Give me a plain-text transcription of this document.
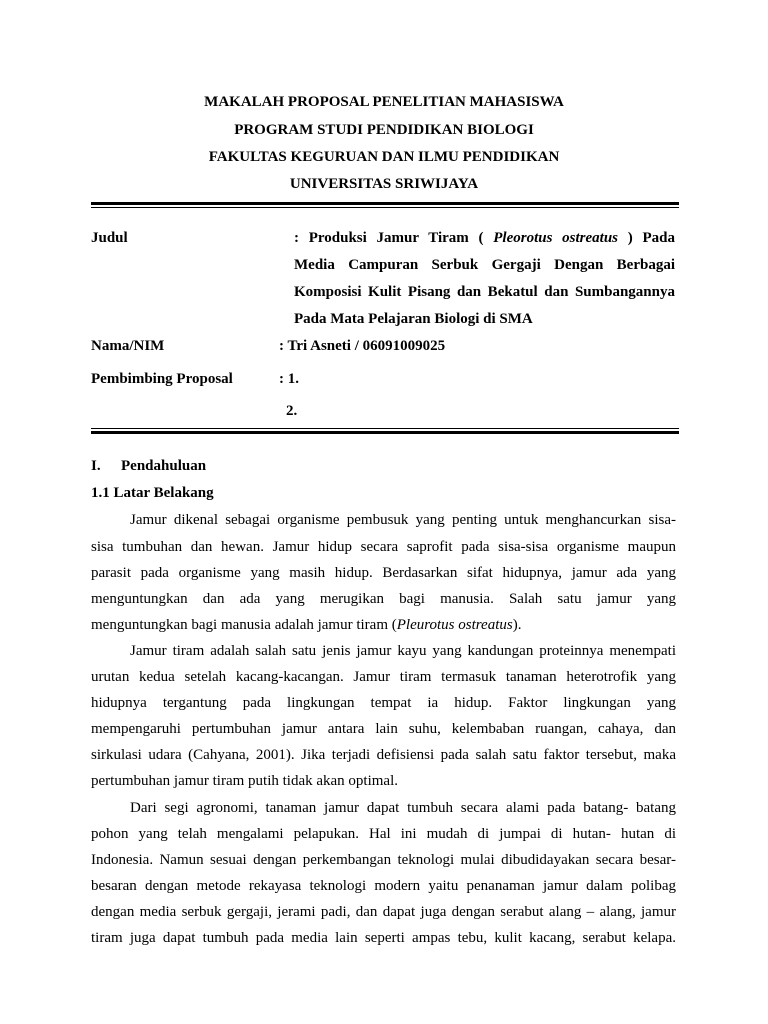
MAKALAH PROPOSAL PENELITIAN MAHASISWA
PROGRAM STUDI PENDIDIKAN BIOLOGI
FAKULTAS KEGURUAN DAN ILMU PENDIDIKAN
UNIVERSITAS SRIWIJAYA
Judul	: Produksi Jamur Tiram ( Pleorotus ostreatus ) Pada
Media Campuran Serbuk Gergaji Dengan Berbagai
Komposisi Kulit Pisang dan Bekatul dan Sumbangannya
Pada Mata Pelajaran Biologi di SMA
Nama/NIM	: Tri Asneti / 06091009025
Pembimbing Proposal	: 1.
2.
I. Pendahuluan
1.1 Latar Belakang
Jamur dikenal sebagai organisme pembusuk yang penting untuk menghancurkan sisa-
sisa tumbuhan dan hewan. Jamur hidup secara saprofit pada sisa-sisa organisme maupun
parasit pada organisme yang masih hidup. Berdasarkan sifat hidupnya, jamur ada yang
menguntungkan dan ada yang merugikan bagi manusia. Salah satu jamur yang
menguntungkan bagi manusia adalah jamur tiram (Pleurotus ostreatus).
Jamur tiram adalah salah satu jenis jamur kayu yang kandungan proteinnya menempati
urutan kedua setelah kacang-kacangan. Jamur tiram termasuk tanaman heterotrofik yang
hidupnya tergantung pada lingkungan tempat ia hidup. Faktor lingkungan yang
mempengaruhi pertumbuhan jamur antara lain suhu, kelembaban ruangan, cahaya, dan
sirkulasi udara (Cahyana, 2001). Jika terjadi defisiensi pada salah satu faktor tersebut, maka
pertumbuhan jamur tiram putih tidak akan optimal.
Dari segi agronomi, tanaman jamur dapat tumbuh secara alami pada batang- batang
pohon yang telah mengalami pelapukan. Hal ini mudah di jumpai di hutan- hutan di
Indonesia. Namun sesuai dengan perkembangan teknologi mulai dibudidayakan secara besar-
besaran dengan metode rekayasa teknologi modern yaitu penanaman jamur dalam polibag
dengan media serbuk gergaji, jerami padi, dan dapat juga dengan serabut alang – alang, jamur
tiram juga dapat tumbuh pada media lain seperti ampas tebu, kulit kacang, serabut kelapa.
